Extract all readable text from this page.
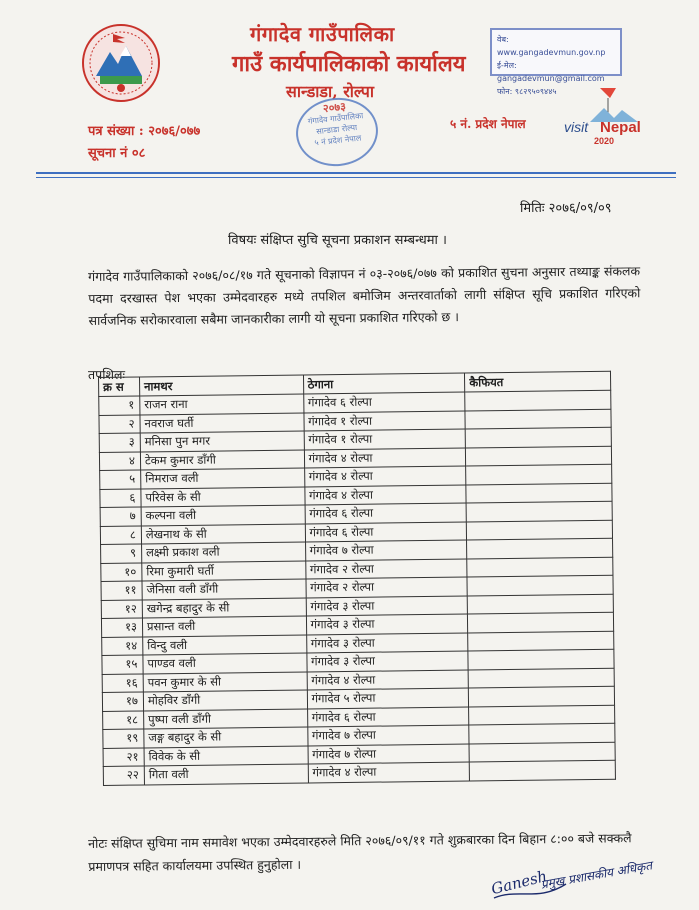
गंगादेव गाउँपालिका
गाउँ कार्यपालिकाको कार्यालय
सान्डाडा, रोल्पा
२०७३
गंगादेव गाउँपालिका
सान्डाडा रोल्पा
५ नं प्रदेश नेपाल
वेब: www.gangadevmun.gov.np
ई-मेल: gangadevmun@gmail.com
फोन: ९८२९५०९४४५
पत्र संख्या : २०७६/०७७
सूचना नं ०८
५ नं. प्रदेश नेपाल	visit Nepal
2020
मितिः २०७६/०९/०९
विषयः संक्षिप्त सुचि सूचना प्रकाशन सम्बन्धमा ।
गंगादेव गाउँपालिकाको २०७६/०८/१७ गते सूचनाको विज्ञापन नं ०३-२०७६/०७७ को प्रकाशित सुचना अनुसार तथ्याङ्क संकलक पदमा दरखास्त पेश भएका उम्मेदवारहरु मध्ये तपशिल बमोजिम अन्तरवार्ताको लागी संक्षिप्त सूचि प्रकाशित गरिएको सार्वजनिक सरोकारवाला सबैमा जानकारीका लागी यो सूचना प्रकाशित गरिएको छ ।
तपशिलः
क्र स	नामथर	ठेगाना	कैफियत
१	राजन राना	गंगादेव ६ रोल्पा	
२	नवराज घर्ती	गंगादेव १ रोल्पा	
३	मनिसा पुन मगर	गंगादेव १ रोल्पा	
४	टेकम कुमार डाँगी	गंगादेव ४ रोल्पा	
५	निमराज वली	गंगादेव ४ रोल्पा	
६	परिवेस के सी	गंगादेव ४ रोल्पा	
७	कल्पना वली	गंगादेव ६ रोल्पा	
८	लेखनाथ के सी	गंगादेव ६ रोल्पा	
९	लक्ष्मी प्रकाश वली	गंगादेव ७ रोल्पा	
१०	रिमा कुमारी घर्ती	गंगादेव २ रोल्पा	
११	जेनिसा वली डाँगी	गंगादेव २ रोल्पा	
१२	खगेन्द्र बहादुर के सी	गंगादेव ३ रोल्पा	
१३	प्रसान्त वली	गंगादेव ३ रोल्पा	
१४	विन्दु वली	गंगादेव ३ रोल्पा	
१५	पाण्डव वली	गंगादेव ३ रोल्पा	
१६	पवन कुमार के सी	गंगादेव ४ रोल्पा	
१७	मोहविर डाँगी	गंगादेव ५ रोल्पा	
१८	पुष्पा वली डाँगी	गंगादेव ६ रोल्पा	
१९	जङ्ग बहादुर के सी	गंगादेव ७ रोल्पा	
२१	विवेक के सी	गंगादेव ७ रोल्पा	
२२	गिता वली	गंगादेव ४ रोल्पा	
नोटः संक्षिप्त सुचिमा नाम समावेश भएका उम्मेदवारहरुले मिति २०७६/०९/११ गते शुक्रबारका दिन बिहान ८:०० बजे सक्कलै प्रमाणपत्र सहित कार्यालयमा उपस्थित हुनुहोला ।
Ganesh
प्रमुख प्रशासकीय अधिकृत
